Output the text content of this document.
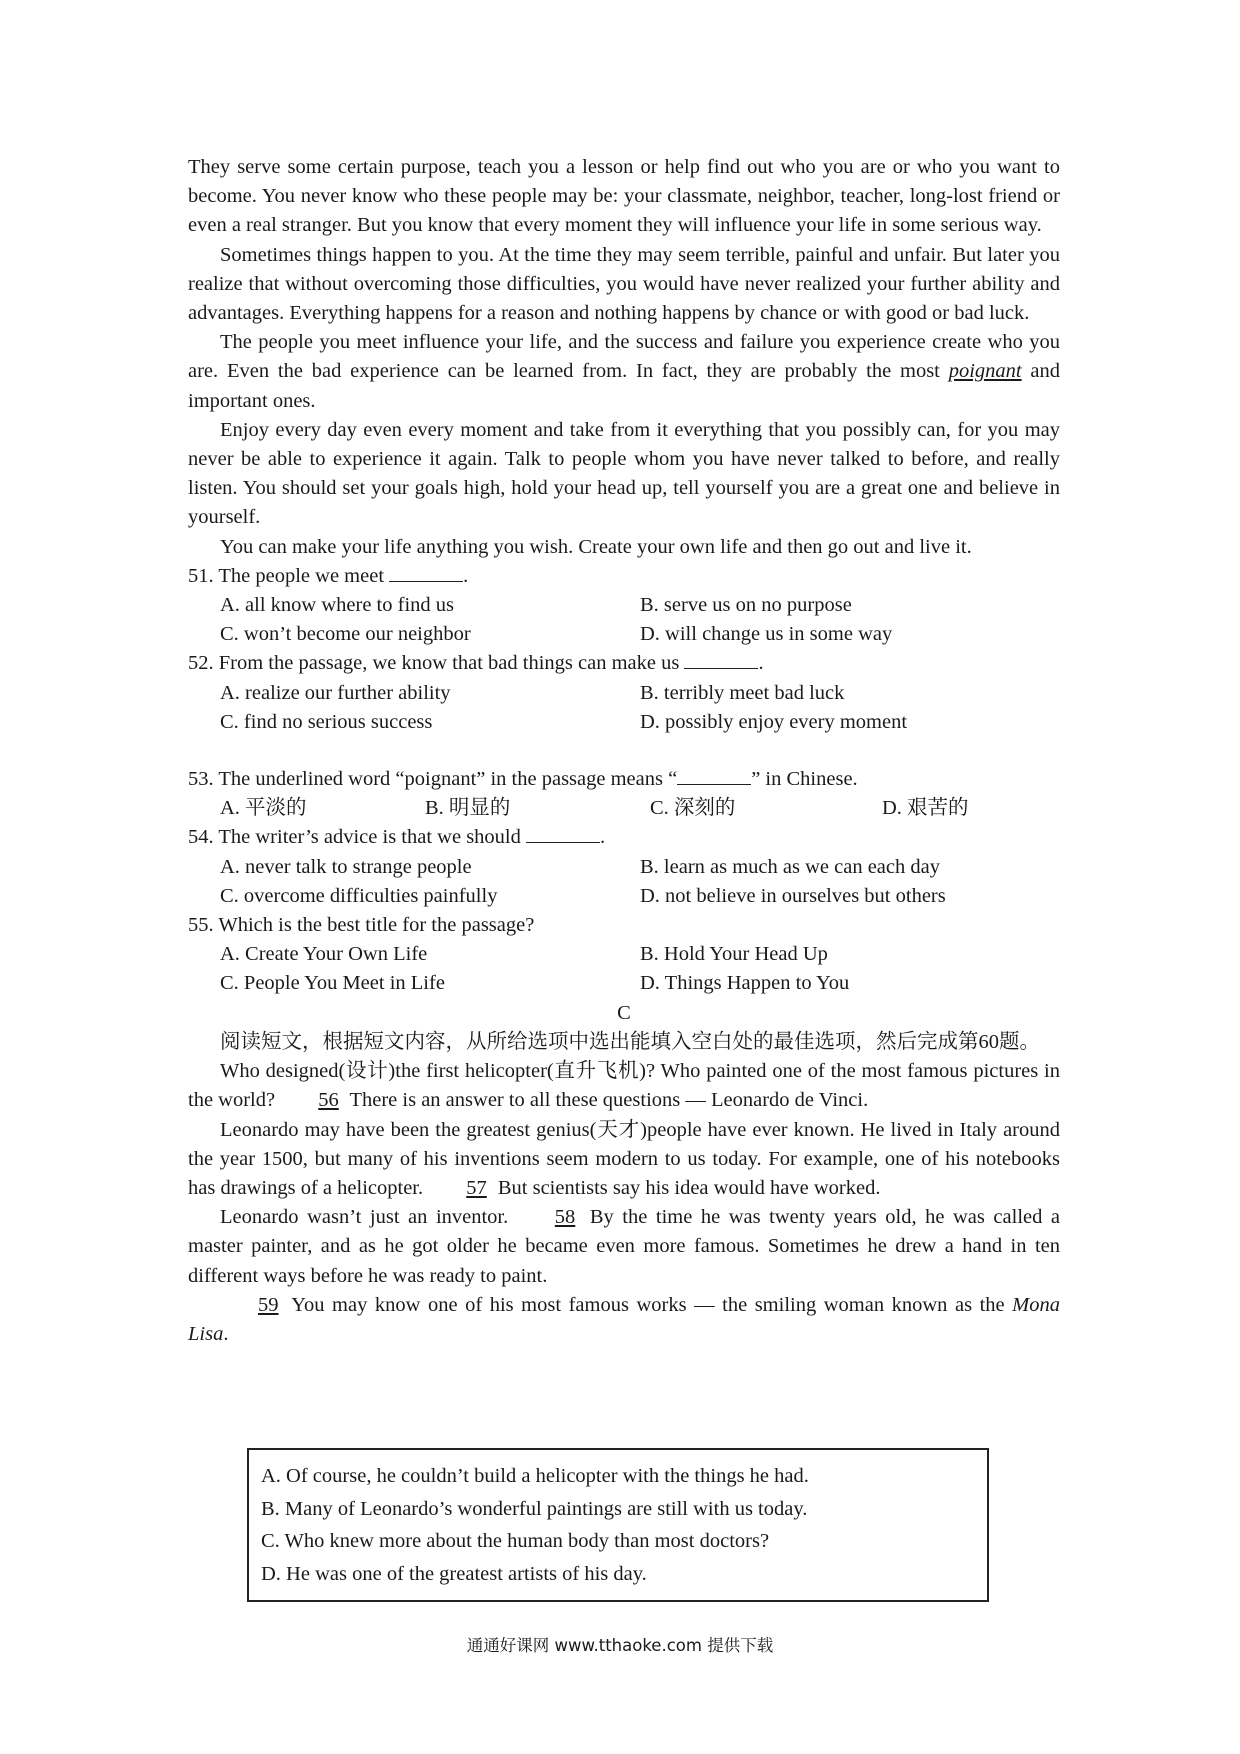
They serve some certain purpose, teach you a lesson or help find out who you are or who you want to become. You never know who these people may be: your classmate, neighbor, teacher, long-lost friend or even a real stranger. But you know that every moment they will influence your life in some serious way.

Sometimes things happen to you. At the time they may seem terrible, painful and unfair. But later you realize that without overcoming those difficulties, you would have never realized your further ability and advantages. Everything happens for a reason and nothing happens by chance or with good or bad luck.

The people you meet influence your life, and the success and failure you experience create who you are. Even the bad experience can be learned from. In fact, they are probably the most poignant and important ones.

Enjoy every day even every moment and take from it everything that you possibly can, for you may never be able to experience it again. Talk to people whom you have never talked to before, and really listen. You should set your goals high, hold your head up, tell yourself you are a great one and believe in yourself.

You can make your life anything you wish. Create your own life and then go out and live it.

51. The people we meet	.

A. all know where to find us	B. serve us on no purpose
C. won’t become our neighbor	D. will change us in some way

52. From the passage, we know that bad things can make us	.

A. realize our further ability	B. terribly meet bad luck
C. find no serious success	D. possibly enjoy every moment

53. The underlined word “poignant” in the passage means “	” in Chinese.

A. 平淡的	B. 明显的	C. 深刻的	D. 艰苦的

54. The writer’s advice is that we should	.

A. never talk to strange people	B. learn as much as we can each day
C. overcome difficulties painfully	D. not believe in ourselves but others

55. Which is the best title for the passage?

A. Create Your Own Life	B. Hold Your Head Up
C. People You Meet in Life	D. Things Happen to You
C

阅读短文，根据短文内容，从所给选项中选出能填入空白处的最佳选项，然后完成第60题。

Who designed(设计)the first helicopter(直升飞机)? Who painted one of the most famous pictures in the world? 56 There is an answer to all these questions — Leonardo de Vinci.

Leonardo may have been the greatest genius(天才)people have ever known. He lived in Italy around the year 1500, but many of his inventions seem modern to us today. For example, one of his notebooks has drawings of a helicopter. 57 But scientists say his idea would have worked.

Leonardo wasn’t just an inventor. 58 By the time he was twenty years old, he was called a master painter, and as he got older he became even more famous. Sometimes he drew a hand in ten different ways before he was ready to paint.

59 You may know one of his most famous works — the smiling woman known as the Mona Lisa.

A. Of course, he couldn’t build a helicopter with the things he had.
B. Many of Leonardo’s wonderful paintings are still with us today.
C. Who knew more about the human body than most doctors?
D. He was one of the greatest artists of his day.
通通好课网 www.tthaoke.com 提供下载
